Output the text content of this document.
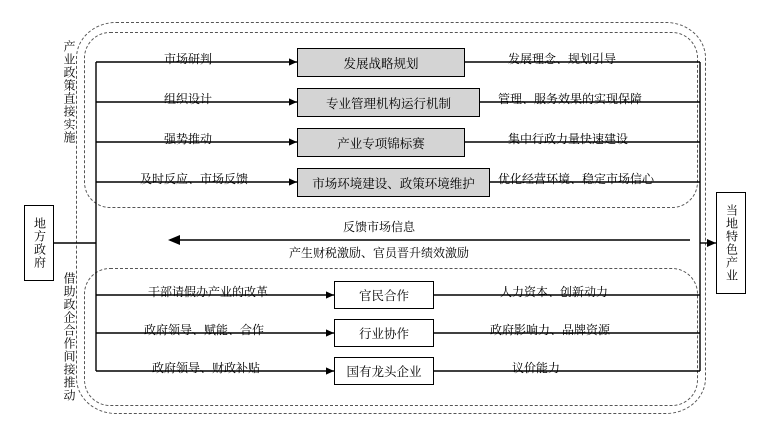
产业政策直接实施
借助政企合作间接推动
地方政府	当地特色产业
发展战略规划
专业管理机构运行机制
产业专项锦标赛
市场环境建设、政策环境维护
市场研判
组织设计
强势推动
及时反应、市场反馈
发展理念、规划引导
管理、服务效果的实现保障
集中行政力量快速建设
优化经营环境、稳定市场信心
反馈市场信息
产生财税激励、官员晋升绩效激励
官民合作
行业协作
国有龙头企业
干部请假办产业的改革
政府领导、赋能、合作
政府领导、财政补贴
人力资本、创新动力
政府影响力、品牌资源
议价能力
